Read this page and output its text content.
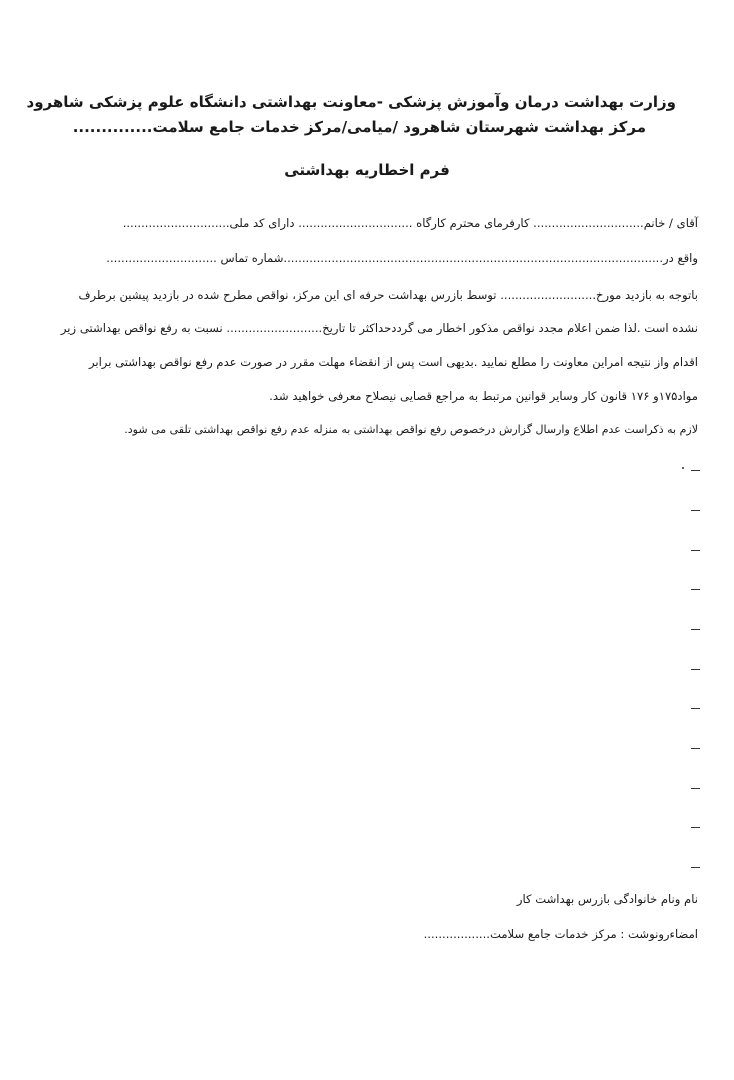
وزارت بهداشت درمان وآموزش پزشکی -معاونت بهداشتی دانشگاه علوم پزشکی شاهرود
مرکز بهداشت شهرستان شاهرود /میامی/مرکز خدمات جامع سلامت..............
فرم اخطاریه بهداشتی
آقای / خانم.............................. کارفرمای محترم کارگاه ............................... دارای کد ملی.............................
واقع در.......................................................................................................شماره تماس ..............................
باتوجه به بازدید مورخ.......................... توسط بازرس بهداشت حرفه ای این مرکز، نواقص مطرح شده در بازدید پیشین برطرف
نشده است .لذا ضمن اعلام مجدد نواقص مذکور اخطار می گرددحداکثر تا تاریخ.......................... نسبت به رفع نواقص بهداشتی زیر
اقدام واز نتیجه امراین معاونت را مطلع نمایید .بدیهی است پس از انقضاء مهلت مقرر در صورت عدم رفع نواقص بهداشتی برابر
مواد۱۷۵و ۱۷۶ قانون کار وسایر قوانین مرتبط به مراجع قصایی نیصلاح معرفی خواهید شد.
لازم به ذکراست عدم اطلاع وارسال گزارش درخصوص رفع نواقص بهداشتی به منزله عدم رفع نواقص بهداشتی تلقی می شود.
نام ونام خانوادگی بازرس بهداشت کار
امضاءرونوشت : مرکز خدمات جامع سلامت..................
